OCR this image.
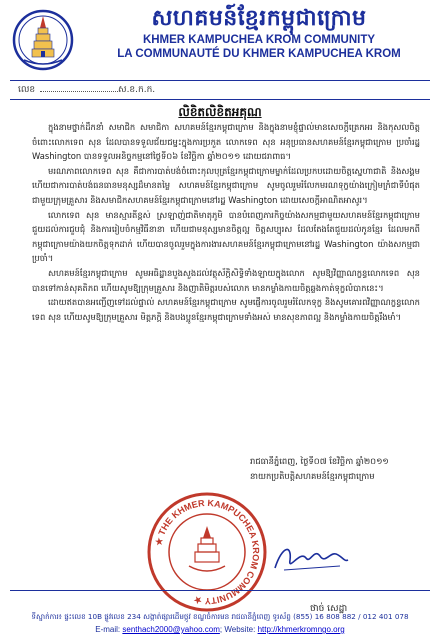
សហគមន៍ខ្មែរកម្ពុជាក្រោម
KHMER KAMPUCHEA KROM COMMUNITY
LA COMMUNAUTÉ DU KHMER KAMPUCHEA KROM
លេខ	ស.ខ.ក.ក.
លិខិតលិខិតអគុណ

ក្នុងនាមថ្នាក់ដឹកនាំ សមាជិក សមាជិកា សហគមន៍ខ្មែរកម្ពុជាក្រោម និងក្នុងនាមខ្ញុំផ្ទាល់មានសេចក្តីត្រេកអរ និងកុសលចិត្តចំពោះលោកទេព សុន ដែលបានទទួលជ័យជម្នះក្នុងការប្រកួត លោកទេព សុន អនុប្រធានសហគមន៍ខ្មែរកម្ពុជាក្រោម ប្រចាំរដ្ឋ Washington បានទទួលអនិច្ចកម្មនៅថ្ងៃទី០៦ ខែវិច្ឆិកា ឆ្នាំ២០១១ ដោយជរាពាធ។

មរណភាពលោកទេព សុន គឺជាការបាត់បង់ចំពោះកុលបុត្រខ្មែរកម្ពុជាក្រោមម្នាក់ដែលប្រកបដោយចិត្តស្នេហាជាតិ និងសង្គម ហើយជាការបាត់បង់ធនធានមនុស្សដ៏មានតម្លៃ សហគមន៍ខ្មែរកម្ពុជាក្រោម សូមចូលរួមរំលែកមរណទុក្ខយ៉ាងក្រៀមក្រំជាទីបំផុត ជាមួយក្រុមគ្រួសារ និងសមាជិកសហគមន៍ខ្មែរកម្ពុជាក្រោមនៅរដ្ឋ Washington ដោយសេចក្តីអាណិតអាសូរ។

លោកទេព សុន មានស្មារតីខ្ពស់ ស្រឡាញ់ជាតិមាតុភូមិ បានបំពេញភារកិច្ចយ៉ាងសកម្មជាមួយសហគមន៍ខ្មែរកម្ពុជាក្រោម ជួយដល់ការជួបជុំ និងការរៀបចំកម្មវិធីនានា ហើយជាមនុស្សមានចិត្តល្អ ចិត្តសប្បុរស ដែលតែងតែជួយដល់កូនខ្មែរ ដែលមកពីកម្ពុជាក្រោមយ៉ាងយកចិត្តទុកដាក់ ហើយបានចូលរួមក្នុងការងារសហគមន៍ខ្មែរកម្ពុជាក្រោមនៅរដ្ឋ Washington យ៉ាងសកម្មជាប្រចាំ។

សហគមន៍ខ្មែរកម្ពុជាក្រោម សូមអធិដ្ឋានបួងសួងដល់វត្ថុស័ក្តិសិទ្ធិទាំងឡាយក្នុងលោក សូមឱ្យវិញ្ញាណក្ខន្ធលោកទេព សុន បានទៅកាន់សុគតិភព ហើយសូមឱ្យក្រុមគ្រួសារ និងញាតិមិត្តរបស់លោក មានកម្លាំងកាយចិត្តឆ្លងកាត់ទុក្ខលំបាកនេះ។

ដោយឥតបានអញ្ជើញទៅដល់ផ្ទាល់ សហគមន៍ខ្មែរកម្ពុជាក្រោម សូមផ្ញើការចូលរួមរំលែកទុក្ខ និងសូមគោរពវិញ្ញាណក្ខន្ធលោកទេព សុន ហើយសូមឱ្យក្រុមគ្រួសារ មិត្តភក្តិ និងបងប្អូនខ្មែរកម្ពុជាក្រោមទាំងអស់ មានសុខភាពល្អ និងកម្លាំងកាយចិត្តរឹងមាំ។

រាជធានីភ្នំពេញ, ថ្ងៃទី០៧ ខែវិច្ឆិកា ឆ្នាំ២០១១
នាយកប្រតិបត្តិសហគមន៍ខ្មែរកម្ពុជាក្រោម
★ THE KHMER KAMPUCHEA KROM COMMUNITY ★
ថាច់ សេដ្ឋា
ទីស្នាក់ការ៖ ផ្ទះលេខ 10B ផ្លូវលេខ 234 សង្កាត់ផ្សារដើមថ្កូវ ខណ្ឌចំការមន រាជធានីភ្នំពេញ ទូរស័ព្ទ (855) 16 808 882 / 012 401 078
E-mail: senthach2000@yahoo.com; Website: http://khmerkromngo.org
